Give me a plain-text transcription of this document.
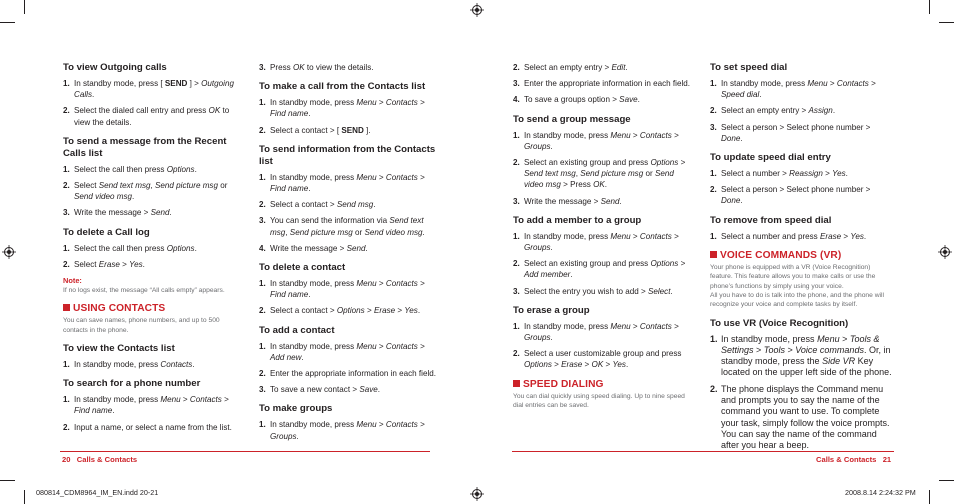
To view Outgoing calls
1. In standby mode, press [ SEND ] > Outgoing Calls.
2. Select the dialed call entry and press OK to view the details.
To send a message from the Recent Calls list
1. Select the call then press Options.
2. Select Send text msg, Send picture msg or Send video msg.
3. Write the message > Send.
To delete a Call log
1. Select the call then press Options.
2. Select Erase > Yes.
Note:
If no logs exist, the message “All calls empty” appears.
USING CONTACTS
You can save names, phone numbers, and up to 500 contacts in the phone.
To view the Contacts list
1. In standby mode, press Contacts.
To search for a phone number
1. In standby mode, press Menu > Contacts > Find name.
2. Input a name, or select a name from the list.
3. Press OK to view the details.
To make a call from the Contacts list
1. In standby mode, press Menu > Contacts > Find name.
2. Select a contact > [ SEND ].
To send information from the Contacts list
1. In standby mode, press Menu > Contacts > Find name.
2. Select a contact > Send msg.
3. You can send the information via Send text msg, Send picture msg or Send video msg.
4. Write the message > Send.
To delete a contact
1. In standby mode, press Menu > Contacts > Find name.
2. Select a contact > Options > Erase > Yes.
To add a contact
1. In standby mode, press Menu > Contacts > Add new.
2. Enter the appropriate information in each field.
3. To save a new contact > Save.
To make groups
1. In standby mode, press Menu > Contacts > Groups.
2. Select an empty entry > Edit.
3. Enter the appropriate information in each field.
4. To save a groups option > Save.
To send a group message
1. In standby mode, press Menu > Contacts > Groups.
2. Select an existing group and press Options > Send text msg, Send picture msg or Send video msg > Press OK.
3. Write the message > Send.
To add a member to a group
1. In standby mode, press Menu > Contacts > Groups.
2. Select an existing group and press Options > Add member.
3. Select the entry you wish to add > Select.
To erase a group
1. In standby mode, press Menu > Contacts > Groups.
2. Select a user customizable group and press Options > Erase > OK > Yes.
SPEED DIALING
You can dial quickly using speed dialing. Up to nine speed dial entries can be saved.
To set speed dial
1. In standby mode, press Menu > Contacts > Speed dial.
2. Select an empty entry > Assign.
3. Select a person > Select phone number > Done.
To update speed dial entry
1. Select a number > Reassign > Yes.
2. Select a person > Select phone number > Done.
To remove from speed dial
1. Select a number and press Erase > Yes.
VOICE COMMANDS (VR)
Your phone is equipped with a VR (Voice Recognition) feature. This feature allows you to make calls or use the phone’s functions by simply using your voice.
All you have to do is talk into the phone, and the phone will recognize your voice and complete tasks by itself.
To use VR (Voice Recognition)
1. In standby mode, press Menu > Tools & Settings > Tools > Voice commands. Or, in standby mode, press the Side VR Key located on the upper left side of the phone.
2. The phone displays the Command menu and prompts you to say the name of the command you want to use. To complete your task, simply follow the voice prompts. You can say the name of the command after you hear a beep.
20 Calls & Contacts	Calls & Contacts 21
080814_CDM8964_IM_EN.indd 20-21	2008.8.14 2:24:32 PM
